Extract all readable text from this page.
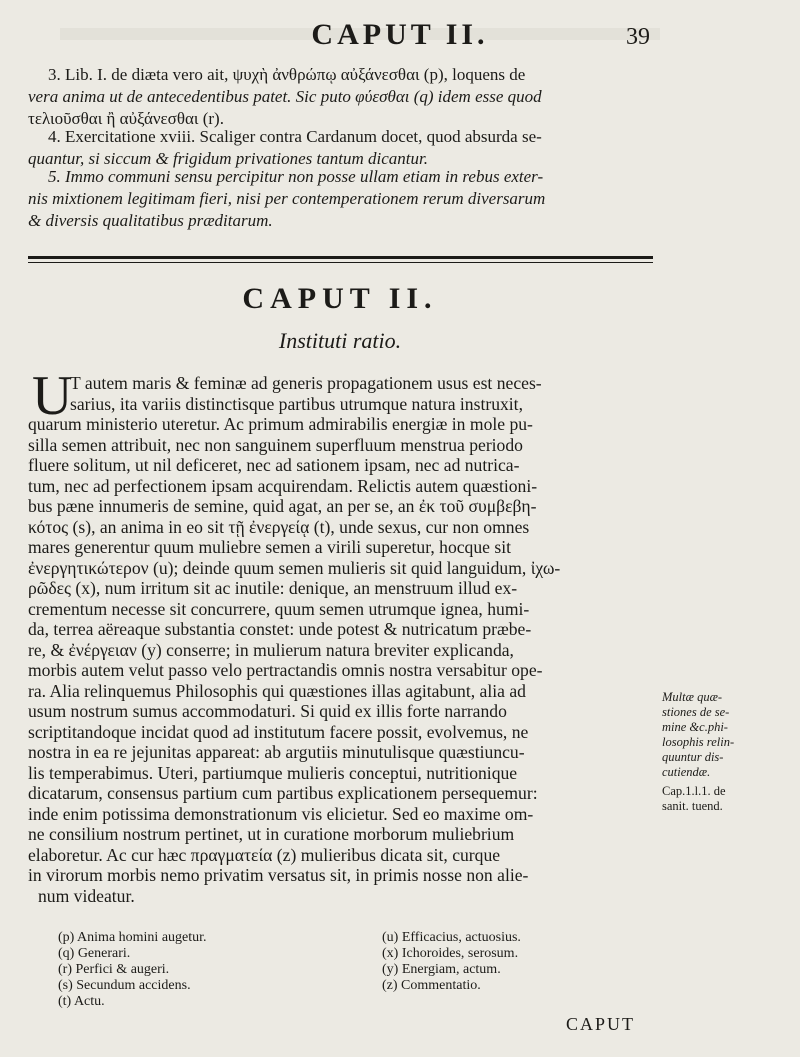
CAPUT II.	39
3. Lib. I. de diæta vero ait, ψυχὴ ἀνθρώπῳ αὐξάνεσθαι (p), loquens de
vera anima ut de antecedentibus patet. Sic puto φύεσθαι (q) idem esse quod
τελιοῦσθαι ἢ αὐξάνεσθαι (r).
4. Exercitatione xviii. Scaliger contra Cardanum docet, quod absurda se-
quantur, si siccum & frigidum privationes tantum dicantur.
5. Immo communi sensu percipitur non posse ullam etiam in rebus exter-
nis mixtionem legitimam fieri, nisi per contemperationem rerum diversarum
& diversis qualitatibus præditarum.
CAPUT II.
Instituti ratio.
U
T autem maris & feminæ ad generis propagationem usus est neces-
sarius, ita variis distinctisque partibus utrumque natura instruxit,
quarum ministerio uteretur. Ac primum admirabilis energiæ in mole pu-
silla semen attribuit, nec non sanguinem superfluum menstrua periodo
fluere solitum, ut nil deficeret, nec ad sationem ipsam, nec ad nutrica-
tum, nec ad perfectionem ipsam acquirendam. Relictis autem quæstioni-
bus pæne innumeris de semine, quid agat, an per se, an ἐκ τοῦ συμβεβη-
κότος (s), an anima in eo sit τῇ ἐνεργείᾳ (t), unde sexus, cur non omnes
mares generentur quum muliebre semen a virili superetur, hocque sit
ἐνεργητικώτερον (u); deinde quum semen mulieris sit quid languidum, ἰχω-
ρῶδες (x), num irritum sit ac inutile: denique, an menstruum illud ex-
crementum necesse sit concurrere, quum semen utrumque ignea, humi-
da, terrea aëreaque substantia constet: unde potest & nutricatum præbe-
re, & ἐνέργειαν (y) conserre; in mulierum natura breviter explicanda,
morbis autem velut passo velo pertractandis omnis nostra versabitur ope-
ra. Alia relinquemus Philosophis qui quæstiones illas agitabunt, alia ad
usum nostrum sumus accommodaturi. Si quid ex illis forte narrando
scriptitandoque incidat quod ad institutum facere possit, evolvemus, ne
nostra in ea re jejunitas appareat: ab argutiis minutulisque quæstiuncu-
lis temperabimus. Uteri, partiumque mulieris conceptui, nutritionique
dicatarum, consensus partium cum partibus explicationem persequemur:
inde enim potissima demonstrationum vis elicietur. Sed eo maxime om-
ne consilium nostrum pertinet, ut in curatione morborum muliebrium
elaboretur. Ac cur hæc πραγματεία (z) mulieribus dicata sit, curque
in virorum morbis nemo privatim versatus sit, in primis nosse non alie-
num videatur.
Multæ quæ-
stiones de se-
mine &c.phi-
losophis relin-
quuntur dis-
cutiendæ.
Cap.1.l.1. de
sanit. tuend.
(p) Anima homini augetur.
(q) Generari.
(r) Perfici & augeri.
(s) Secundum accidens.
(t) Actu.
(u) Efficacius, actuosius.
(x) Ichoroides, serosum.
(y) Energiam, actum.
(z) Commentatio.
CAPUT
